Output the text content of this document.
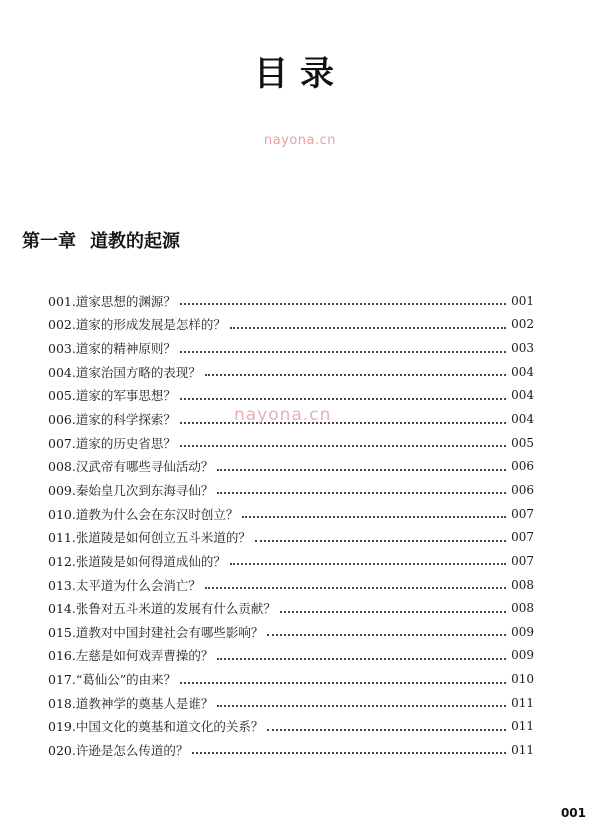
目录
nayona.cn
第一章 道教的起源
001.道家思想的渊源？	001
002.道家的形成发展是怎样的？	002
003.道家的精神原则？	003
004.道家治国方略的表现？	004
005.道家的军事思想？	004
006.道家的科学探索？	004
007.道家的历史省思？	005
008.汉武帝有哪些寻仙活动？	006
009.秦始皇几次到东海寻仙？	006
010.道教为什么会在东汉时创立？	007
011.张道陵是如何创立五斗米道的？	007
012.张道陵是如何得道成仙的？	007
013.太平道为什么会消亡？	008
014.张鲁对五斗米道的发展有什么贡献？	008
015.道教对中国封建社会有哪些影响？	009
016.左慈是如何戏弄曹操的？	009
017.“葛仙公”的由来？	010
018.道教神学的奠基人是谁？	011
019.中国文化的奠基和道文化的关系？	011
020.许逊是怎么传道的？	011
nayona.cn
001
